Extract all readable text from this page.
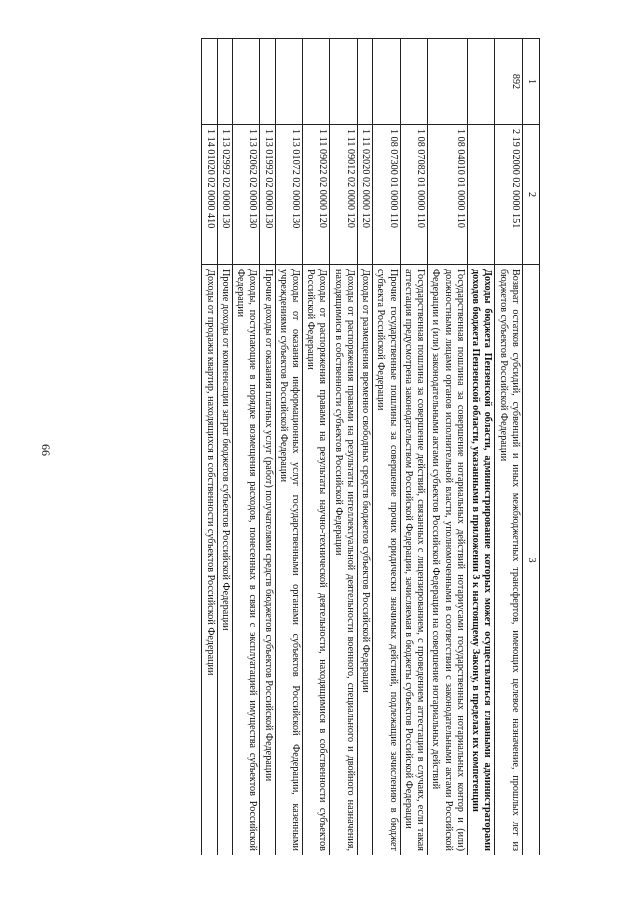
66
1	2	3
892	2 19 02000 02 0000 151	Возврат остатков субсидий, субвенций и иных межбюджетных трансфертов, имеющих целевое назначение, прошлых лет из бюджетов субъектов Российской Федерации
		Доходы бюджета Пензенской области, администрирование которых может осуществляться главными администраторами доходов бюджета Пензенской области, указанными в приложении 3 к настоящему Закону, в пределах их компетенции
	1 08 04010 01 0000 110	Государственная пошлина за совершение нотариальных действий нотариусами государственных нотариальных контор и (или) должностными лицами органов исполнительной власти, уполномоченными в соответствии с законодательными актами Российской Федерации и (или) законодательными актами субъектов Российской Федерации на совершение нотариальных действий
	1 08 07082 01 0000 110	Государственная пошлина за совершение действий, связанных с лицензированием, с проведением аттестации в случаях, если такая аттестация предусмотрена законодательством Российской Федерации, зачисляемая в бюджеты субъектов Российской Федерации
	1 08 07300 01 0000 110	Прочие государственные пошлины за совершение прочих юридически значимых действий, подлежащие зачислению в бюджет субъекта Российской Федерации
	1 11 02020 02 0000 120	Доходы от размещения временно свободных средств бюджетов субъектов Российской Федерации
	1 11 09012 02 0000 120	Доходы от распоряжения правами на результаты интеллектуальной деятельности военного, специального и двойного назначения, находящимися в собственности субъектов Российской Федерации
	1 11 09022 02 0000 120	Доходы от распоряжения правами на результаты научно-технической деятельности, находящимися в собственности субъектов Российской Федерации
	1 13 01072 02 0000 130	Доходы от оказания информационных услуг государственными органами субъектов Российской Федерации, казенными учреждениями субъектов Российской Федерации
	1 13 01992 02 0000 130	Прочие доходы от оказания платных услуг (работ) получателями средств бюджетов субъектов Российской Федерации
	1 13 02062 02 0000 130	Доходы, поступающие в порядке возмещения расходов, понесенных в связи с эксплуатацией имущества субъектов Российской Федерации
	1 13 02992 02 0000 130	Прочие доходы от компенсации затрат бюджетов субъектов Российской Федерации
	1 14 01020 02 0000 410	Доходы от продажи квартир, находящихся в собственности субъектов Российской Федерации
